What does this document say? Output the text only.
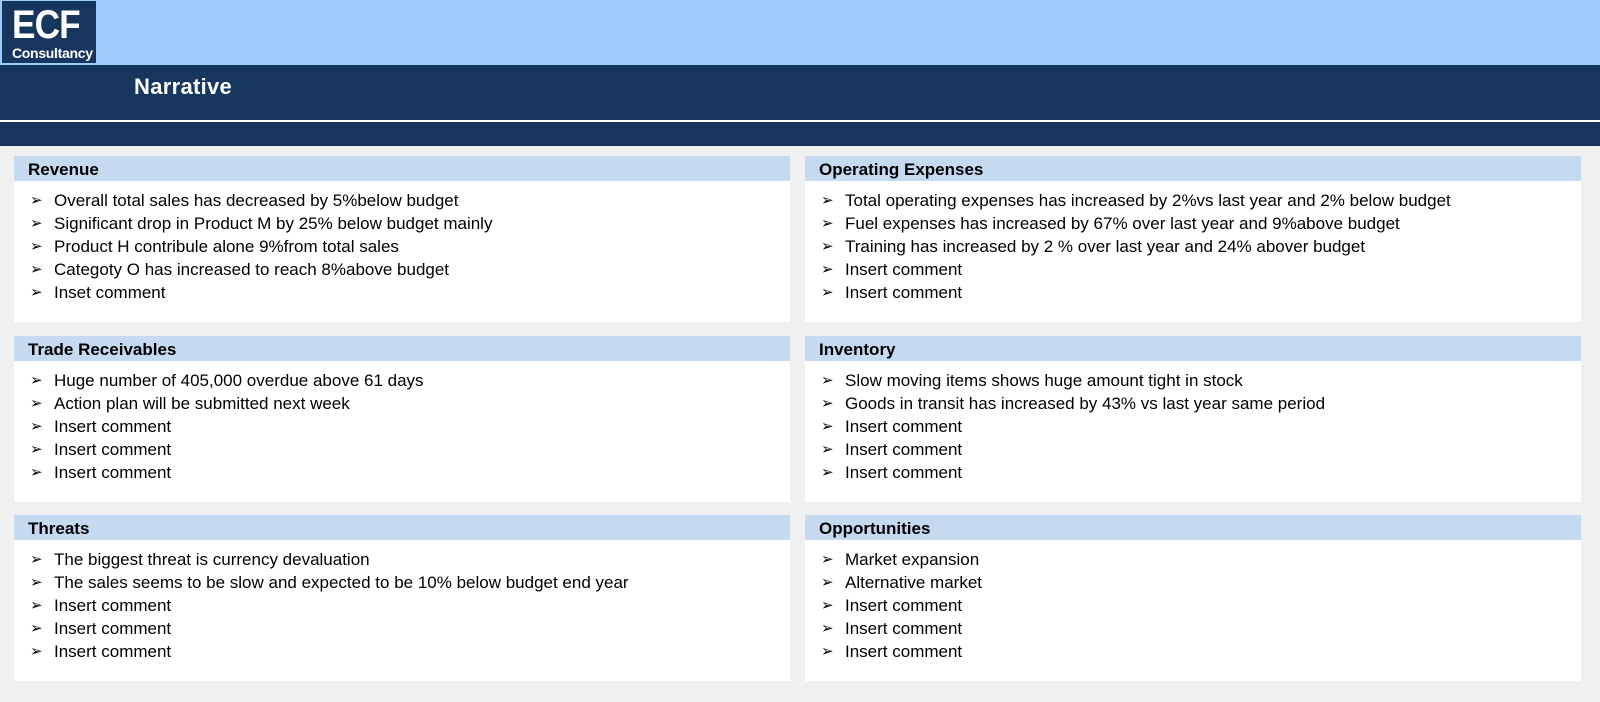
ECF
Consultancy
Narrative
Revenue
➢ Overall total sales has decreased by 5%below budget
➢ Significant drop in Product M by 25% below budget mainly
➢ Product H contribule alone 9%from total sales
➢ Categoty O has increased to reach 8%above budget
➢ Inset comment
Operating Expenses
➢ Total operating expenses has increased by 2%vs last year and 2% below budget
➢ Fuel expenses has increased by 67% over last year and 9%above budget
➢ Training has increased by 2 % over last year and 24% abover budget
➢ Insert comment
➢ Insert comment
Trade Receivables
➢ Huge number of 405,000 overdue above 61 days
➢ Action plan will be submitted next week
➢ Insert comment
➢ Insert comment
➢ Insert comment
Inventory
➢ Slow moving items shows huge amount tight in stock
➢ Goods in transit has increased by 43% vs last year same period
➢ Insert comment
➢ Insert comment
➢ Insert comment
Threats
➢ The biggest threat is currency devaluation
➢ The sales seems to be slow and expected to be 10% below budget end year
➢ Insert comment
➢ Insert comment
➢ Insert comment
Opportunities
➢ Market expansion
➢ Alternative market
➢ Insert comment
➢ Insert comment
➢ Insert comment
